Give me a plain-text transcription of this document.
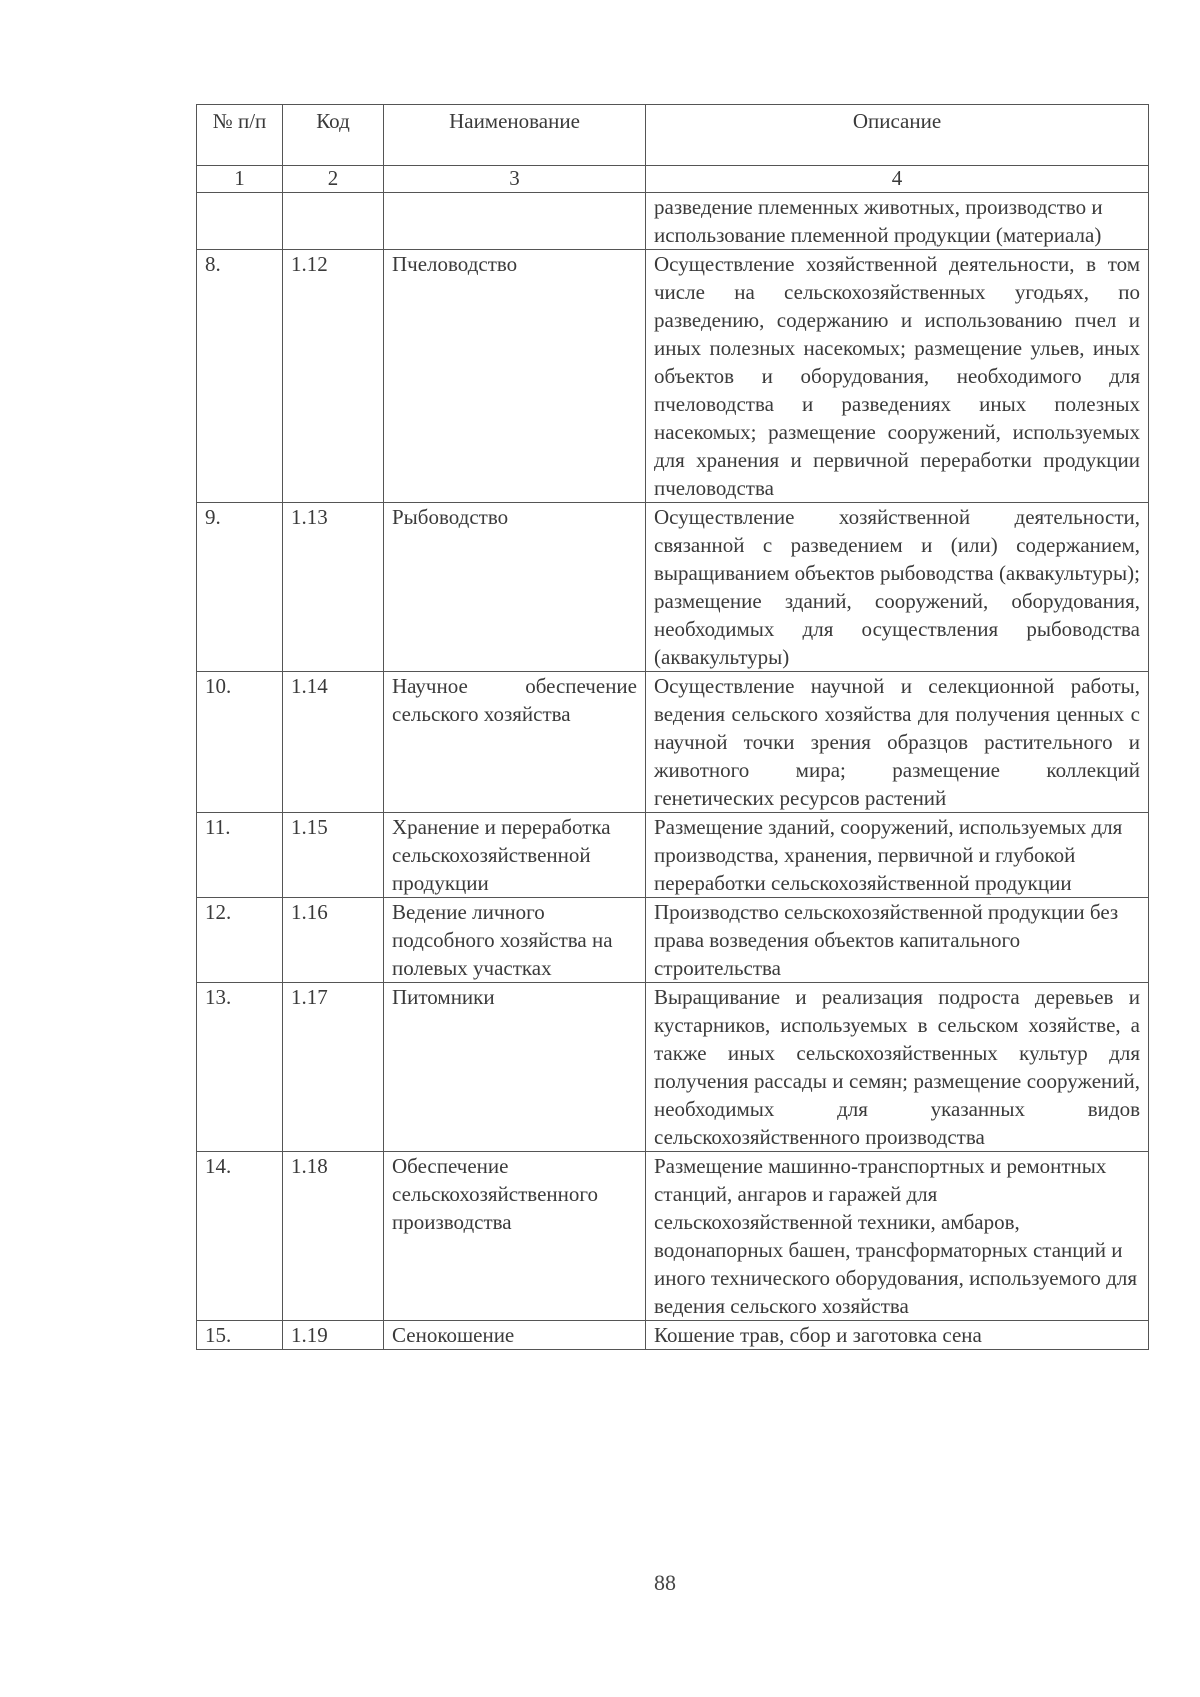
№ п/п	Код	Наименование	Описание
1	2	3	4
			разведение племенных животных, производство и использование племенной продукции (материала)
8.	1.12	Пчеловодство	Осуществление хозяйственной деятельности, в том числе на сельскохозяйственных угодьях, по разведению, содержанию и использованию пчел и иных полезных насекомых; размещение ульев, иных объектов и оборудования, необходимого для пчеловодства и разведениях иных полезных насекомых; размещение сооружений, используемых для хранения и первичной переработки продукции пчеловодства
9.	1.13	Рыбоводство	Осуществление хозяйственной деятельности, связанной с разведением и (или) содержанием, выращиванием объектов рыбоводства (аквакультуры); размещение зданий, сооружений, оборудования, необходимых для осуществления рыбоводства (аквакультуры)
10.	1.14	Научное обеспечение сельского хозяйства	Осуществление научной и селекционной работы, ведения сельского хозяйства для получения ценных с научной точки зрения образцов растительного и животного мира; размещение коллекций генетических ресурсов растений
11.	1.15	Хранение и переработка сельскохозяйственной продукции	Размещение зданий, сооружений, используемых для производства, хранения, первичной и глубокой переработки сельскохозяйственной продукции
12.	1.16	Ведение личного подсобного хозяйства на полевых участках	Производство сельскохозяйственной продукции без права возведения объектов капитального строительства
13.	1.17	Питомники	Выращивание и реализация подроста деревьев и кустарников, используемых в сельском хозяйстве, а также иных сельскохозяйственных культур для получения рассады и семян; размещение сооружений, необходимых для указанных видов сельскохозяйственного производства
14.	1.18	Обеспечение сельскохозяйственного производства	Размещение машинно-транспортных и ремонтных станций, ангаров и гаражей для сельскохозяйственной техники, амбаров, водонапорных башен, трансформаторных станций и иного технического оборудования, используемого для ведения сельского хозяйства
15.	1.19	Сенокошение	Кошение трав, сбор и заготовка сена
88
